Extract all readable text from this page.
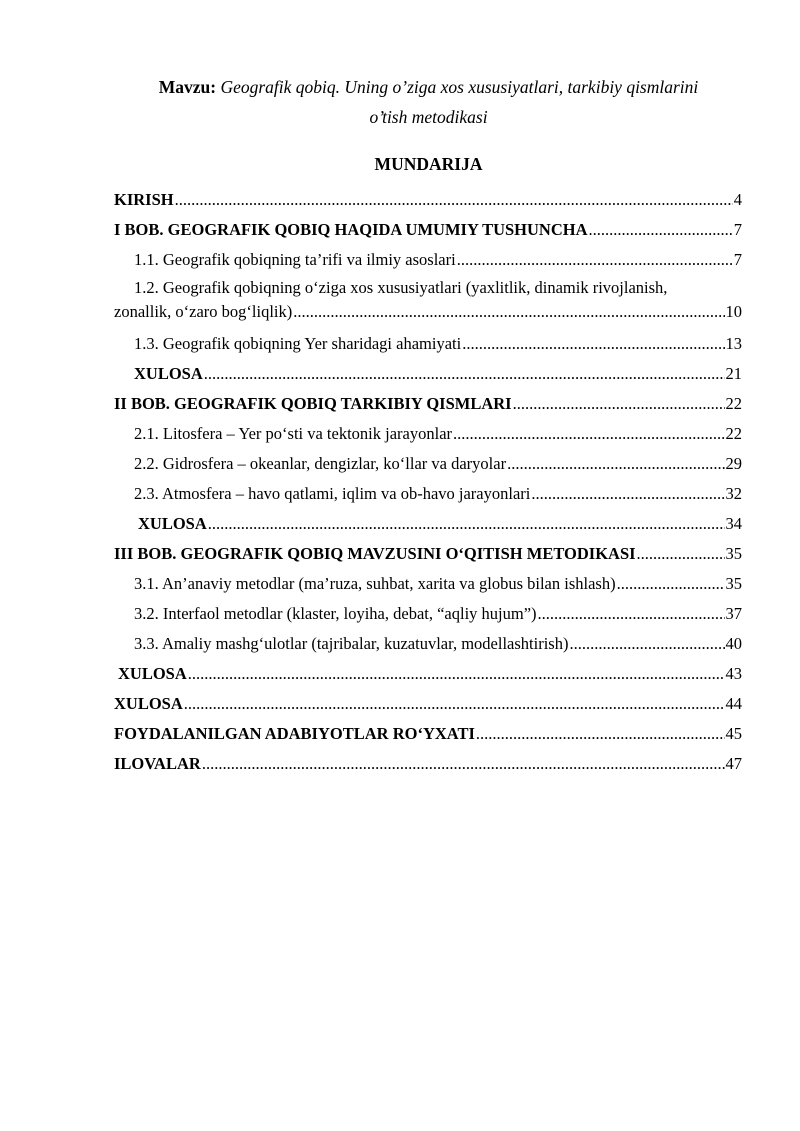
Mavzu: Geografik qobiq. Uning o’ziga xos xususiyatlari, tarkibiy qismlarini
o’tish metodikasi
MUNDARIJA
KIRISH .....	4
I BOB. GEOGRAFIK QOBIQ HAQIDA UMUMIY TUSHUNCHA .....	7
1.1. Geografik qobiqning ta’rifi va ilmiy asoslari .....	7
1.2. Geografik qobiqning o‘ziga xos xususiyatlari (yaxlitlik, dinamik rivojlanish,
zonallik, o‘zaro bog‘liqlik) .....	10
1.3. Geografik qobiqning Yer sharidagi ahamiyati .....	13
XULOSA .....	21
II BOB. GEOGRAFIK QOBIQ TARKIBIY QISMLARI .....	22
2.1. Litosfera – Yer po‘sti va tektonik jarayonlar .....	22
2.2. Gidrosfera – okeanlar, dengizlar, ko‘llar va daryolar .....	29
2.3. Atmosfera – havo qatlami, iqlim va ob-havo jarayonlari .....	32
XULOSA .....	34
III BOB. GEOGRAFIK QOBIQ MAVZUSINI O‘QITISH METODIKASI .....	35
3.1. An’anaviy metodlar (ma’ruza, suhbat, xarita va globus bilan ishlash) .....	35
3.2. Interfaol metodlar (klaster, loyiha, debat, “aqliy hujum”) .....	37
3.3. Amaliy mashg‘ulotlar (tajribalar, kuzatuvlar, modellashtirish) .....	40
XULOSA .....	43
XULOSA .....	44
FOYDALANILGAN ADABIYOTLAR RO‘YXATI .....	45
ILOVALAR .....	47
